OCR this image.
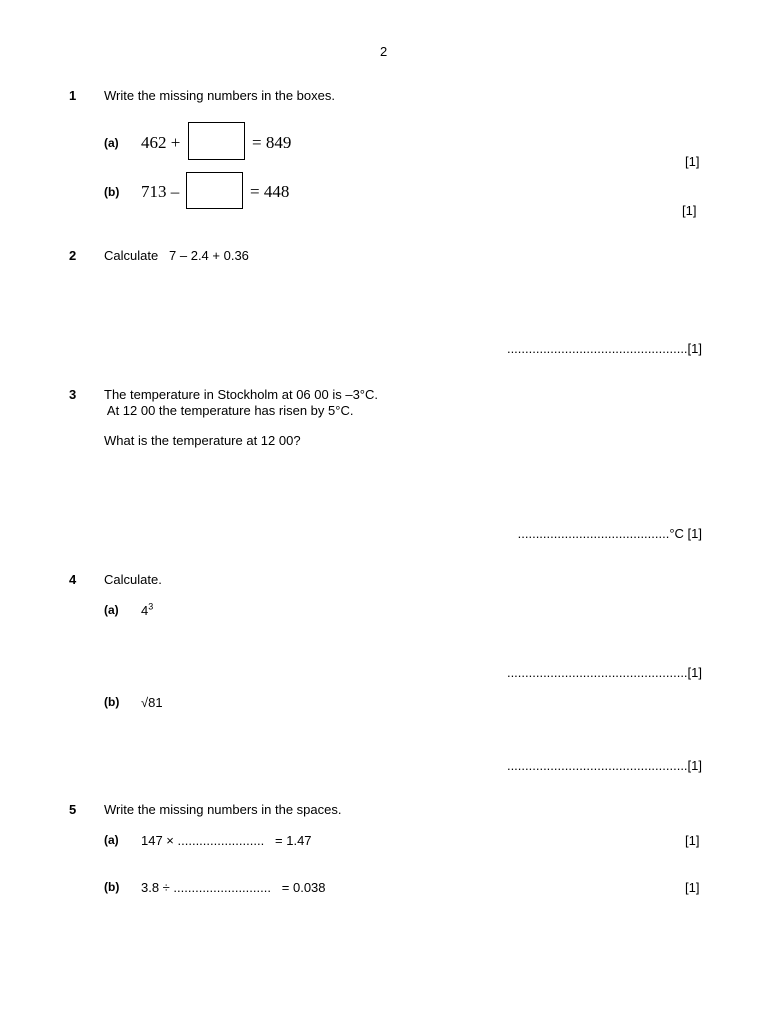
2
1 Write the missing numbers in the boxes.
(a) 462 +	= 849
[1]
(b) 713 –	= 448
[1]
2 Calculate   7 – 2.4 + 0.36
..................................................[1]
3 The temperature in Stockholm at 06 00 is –3°C.
At 12 00 the temperature has risen by 5°C.
What is the temperature at 12 00?
..........................................°C [1]
4 Calculate.
(a) $4^3$
..................................................[1]
(b) √81
..................................................[1]
5 Write the missing numbers in the spaces.
(a) 147 × ........................   = 1.47	[1]
(b) 3.8 ÷ ...........................   = 0.038	[1]
